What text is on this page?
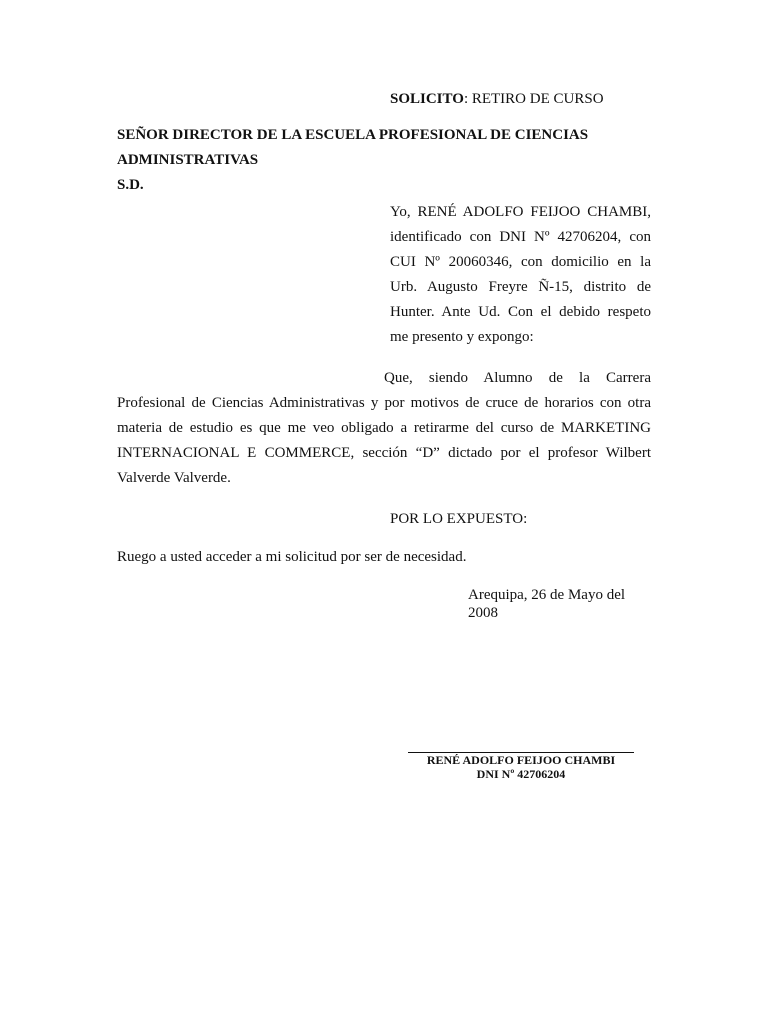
SOLICITO: RETIRO DE CURSO
SEÑOR DIRECTOR DE LA ESCUELA PROFESIONAL DE CIENCIAS
ADMINISTRATIVAS
S.D.
Yo, RENÉ ADOLFO FEIJOO CHAMBI,
identificado con DNI Nº 42706204, con
CUI Nº 20060346, con domicilio en la
Urb. Augusto Freyre Ñ-15, distrito de
Hunter. Ante Ud. Con el debido respeto
me presento y expongo:
Que, siendo Alumno de la Carrera
Profesional de Ciencias Administrativas y por motivos de cruce de horarios con otra
materia de estudio es que me veo obligado a retirarme del curso de MARKETING
INTERNACIONAL E COMMERCE, sección “D” dictado por el profesor Wilbert
Valverde Valverde.
POR LO EXPUESTO:
Ruego a usted acceder a mi solicitud por ser de necesidad.
Arequipa, 26 de Mayo del
2008
RENÉ ADOLFO FEIJOO CHAMBI
DNI Nº 42706204
